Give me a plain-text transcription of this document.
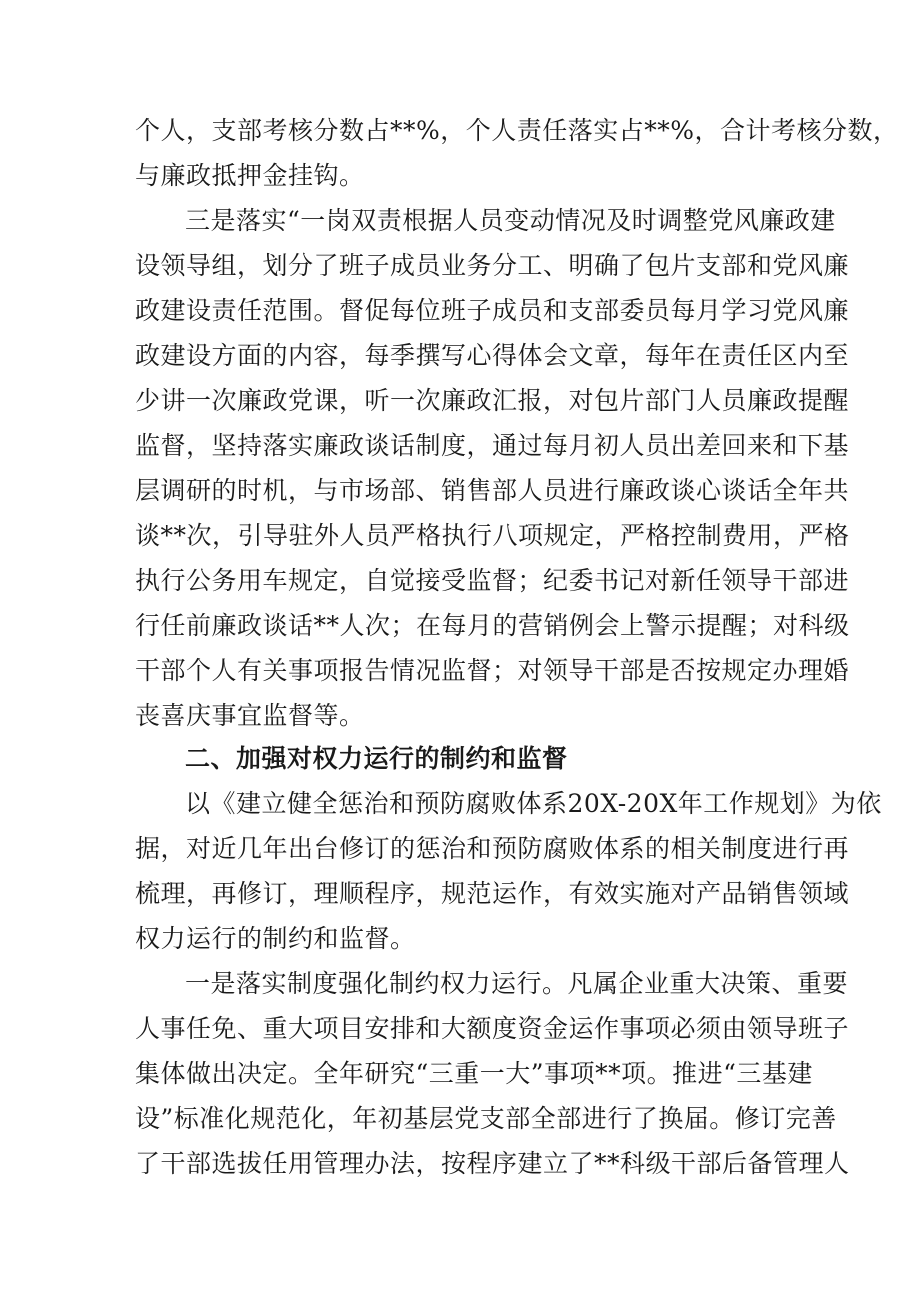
个人，支部考核分数占**%，个人责任落实占**%，合计考核分数，
与廉政抵押金挂钩。
三是落实“一岗双责根据人员变动情况及时调整党风廉政建
设领导组，划分了班子成员业务分工、明确了包片支部和党风廉
政建设责任范围。督促每位班子成员和支部委员每月学习党风廉
政建设方面的内容，每季撰写心得体会文章，每年在责任区内至
少讲一次廉政党课，听一次廉政汇报，对包片部门人员廉政提醒
监督，坚持落实廉政谈话制度，通过每月初人员出差回来和下基
层调研的时机，与市场部、销售部人员进行廉政谈心谈话全年共
谈**次，引导驻外人员严格执行八项规定，严格控制费用，严格
执行公务用车规定，自觉接受监督；纪委书记对新任领导干部进
行任前廉政谈话**人次；在每月的营销例会上警示提醒；对科级
干部个人有关事项报告情况监督；对领导干部是否按规定办理婚
丧喜庆事宜监督等。
二、加强对权力运行的制约和监督
以《建立健全惩治和预防腐败体系20X-20X年工作规划》为依
据，对近几年出台修订的惩治和预防腐败体系的相关制度进行再
梳理，再修订，理顺程序，规范运作，有效实施对产品销售领域
权力运行的制约和监督。
一是落实制度强化制约权力运行。凡属企业重大决策、重要
人事任免、重大项目安排和大额度资金运作事项必须由领导班子
集体做出决定。全年研究“三重一大”事项**项。推进“三基建
设”标准化规范化，年初基层党支部全部进行了换届。修订完善
了干部选拔任用管理办法，按程序建立了**科级干部后备管理人
